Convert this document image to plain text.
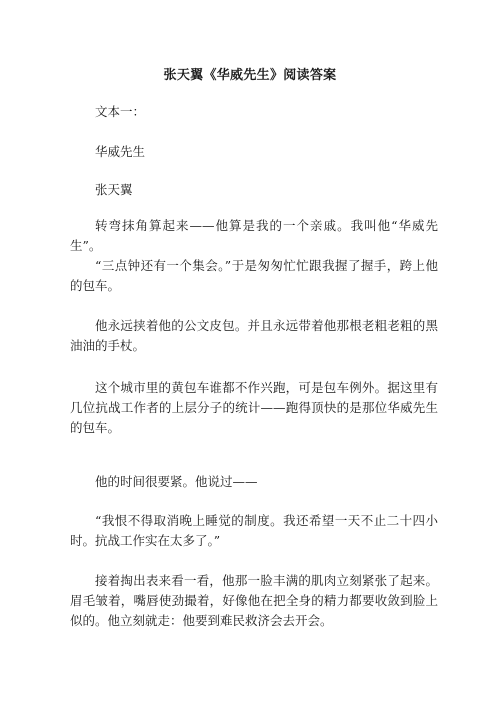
张天翼《华威先生》阅读答案

文本一：

华威先生

张天翼

转弯抹角算起来——他算是我的一个亲戚。我叫他“华威先生”。

“三点钟还有一个集会。”于是匆匆忙忙跟我握了握手，跨上他的包车。

他永远挟着他的公文皮包。并且永远带着他那根老粗老粗的黑油油的手杖。

这个城市里的黄包车谁都不作兴跑，可是包车例外。据这里有几位抗战工作者的上层分子的统计——跑得顶快的是那位华威先生的包车。

他的时间很要紧。他说过——

“我恨不得取消晚上睡觉的制度。我还希望一天不止二十四小时。抗战工作实在太多了。”

接着掏出表来看一看，他那一脸丰满的肌肉立刻紧张了起来。眉毛皱着，嘴唇使劲撮着，好像他在把全身的精力都要收敛到脸上似的。他立刻就走：他要到难民救济会去开会。
